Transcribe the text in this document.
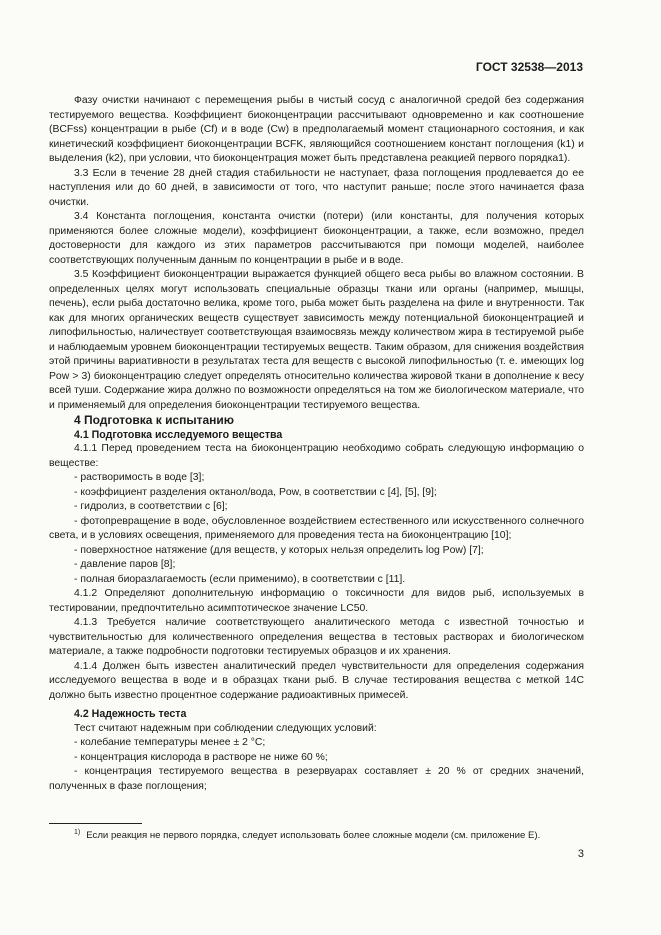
ГОСТ 32538—2013

Фазу очистки начинают с перемещения рыбы в чистый сосуд с аналогичной средой без содержания тестируемого вещества. Коэффициент биоконцентрации рассчитывают одновременно и как соотношение (BCFss) концентрации в рыбе (Cf) и в воде (Cw) в предполагаемый момент стационарного состояния, и как кинетический коэффициент биоконцентрации BCFK, являющийся соотношением констант поглощения (k1) и выделения (k2), при условии, что биоконцентрация может быть представлена реакцией первого порядка1).

3.3 Если в течение 28 дней стадия стабильности не наступает, фаза поглощения продлевается до ее наступления или до 60 дней, в зависимости от того, что наступит раньше; после этого начинается фаза очистки.

3.4 Константа поглощения, константа очистки (потери) (или константы, для получения которых применяются более сложные модели), коэффициент биоконцентрации, а также, если возможно, предел достоверности для каждого из этих параметров рассчитываются при помощи моделей, наиболее соответствующих полученным данным по концентрации в рыбе и в воде.

3.5 Коэффициент биоконцентрации выражается функцией общего веса рыбы во влажном состоянии. В определенных целях могут использовать специальные образцы ткани или органы (например, мышцы, печень), если рыба достаточно велика, кроме того, рыба может быть разделена на филе и внутренности. Так как для многих органических веществ существует зависимость между потенциальной биоконцентрацией и липофильностью, наличествует соответствующая взаимосвязь между количеством жира в тестируемой рыбе и наблюдаемым уровнем биоконцентрации тестируемых веществ. Таким образом, для снижения воздействия этой причины вариативности в результатах теста для веществ с высокой липофильностью (т. е. имеющих log Pow > 3) биоконцентрацию следует определять относительно количества жировой ткани в дополнение к весу всей туши. Содержание жира должно по возможности определяться на том же биологическом материале, что и применяемый для определения биоконцентрации тестируемого вещества.

4 Подготовка к испытанию

4.1 Подготовка исследуемого вещества

4.1.1 Перед проведением теста на биоконцентрацию необходимо собрать следующую информацию о веществе:

- растворимость в воде [3];

- коэффициент разделения октанол/вода, Pow, в соответствии с [4], [5], [9];

- гидролиз, в соответствии с [6];

- фотопревращение в воде, обусловленное воздействием естественного или искусственного солнечного света, и в условиях освещения, применяемого для проведения теста на биоконцентрацию [10];

- поверхностное натяжение (для веществ, у которых нельзя определить log Pow) [7];

- давление паров [8];

- полная биоразлагаемость (если применимо), в соответствии с [11].

4.1.2 Определяют дополнительную информацию о токсичности для видов рыб, используемых в тестировании, предпочтительно асимптотическое значение LC50.

4.1.3 Требуется наличие соответствующего аналитического метода с известной точностью и чувствительностью для количественного определения вещества в тестовых растворах и биологическом материале, а также подробности подготовки тестируемых образцов и их хранения.

4.1.4 Должен быть известен аналитический предел чувствительности для определения содержания исследуемого вещества в воде и в образцах ткани рыб. В случае тестирования вещества с меткой 14C должно быть известно процентное содержание радиоактивных примесей.

4.2 Надежность теста

Тест считают надежным при соблюдении следующих условий:

- колебание температуры менее ± 2 °С;

- концентрация кислорода в растворе не ниже 60 %;

- концентрация тестируемого вещества в резервуарах составляет ± 20 % от средних значений, полученных в фазе поглощения;

$^{1)}$ Если реакция не первого порядка, следует использовать более сложные модели (см. приложение Е).
3
